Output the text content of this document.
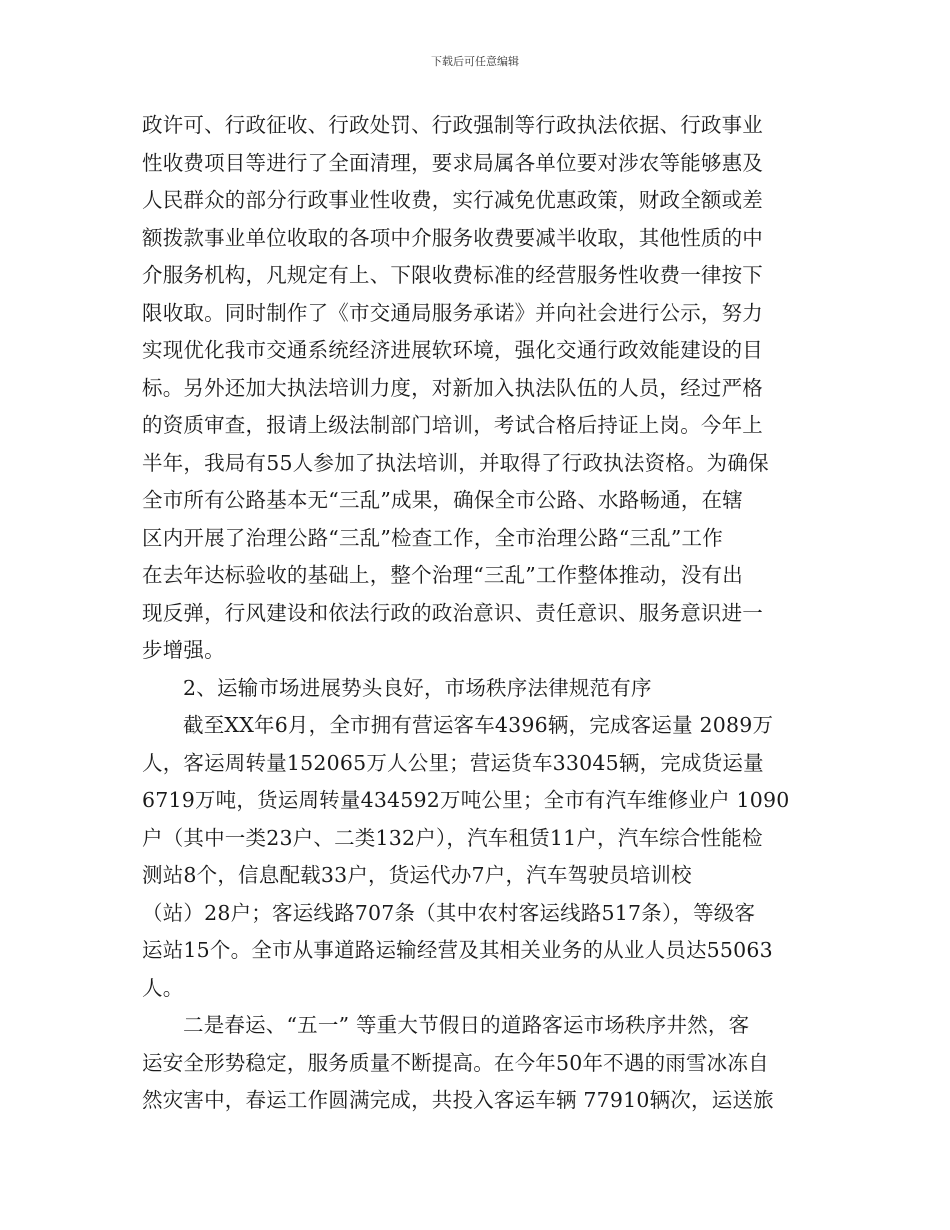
下载后可任意编辑
政许可、行政征收、行政处罚、行政强制等行政执法依据、行政事业
性收费项目等进行了全面清理，要求局属各单位要对涉农等能够惠及
人民群众的部分行政事业性收费，实行减免优惠政策，财政全额或差
额拨款事业单位收取的各项中介服务收费要减半收取，其他性质的中
介服务机构，凡规定有上、下限收费标准的经营服务性收费一律按下
限收取。同时制作了《市交通局服务承诺》并向社会进行公示，努力
实现优化我市交通系统经济进展软环境，强化交通行政效能建设的目
标。另外还加大执法培训力度，对新加入执法队伍的人员，经过严格
的资质审查，报请上级法制部门培训，考试合格后持证上岗。今年上
半年，我局有55人参加了执法培训，并取得了行政执法资格。为确保
全市所有公路基本无“三乱”成果，确保全市公路、水路畅通，在辖
区内开展了治理公路“三乱”检查工作，全市治理公路“三乱”工作
在去年达标验收的基础上，整个治理“三乱”工作整体推动，没有出
现反弹，行风建设和依法行政的政治意识、责任意识、服务意识进一
步增强。
2、运输市场进展势头良好，市场秩序法律规范有序
截至XX年6月，全市拥有营运客车4396辆，完成客运量 2089万
人，客运周转量152065万人公里；营运货车33045辆，完成货运量
6719万吨，货运周转量434592万吨公里；全市有汽车维修业户 1090
户（其中一类23户、二类132户），汽车租赁11户，汽车综合性能检
测站8个，信息配载33户，货运代办7户，汽车驾驶员培训校
（站）28户；客运线路707条（其中农村客运线路517条），等级客
运站15个。全市从事道路运输经营及其相关业务的从业人员达55063
人。
二是春运、“五一” 等重大节假日的道路客运市场秩序井然，客
运安全形势稳定，服务质量不断提高。在今年50年不遇的雨雪冰冻自
然灾害中，春运工作圆满完成，共投入客运车辆 77910辆次，运送旅
